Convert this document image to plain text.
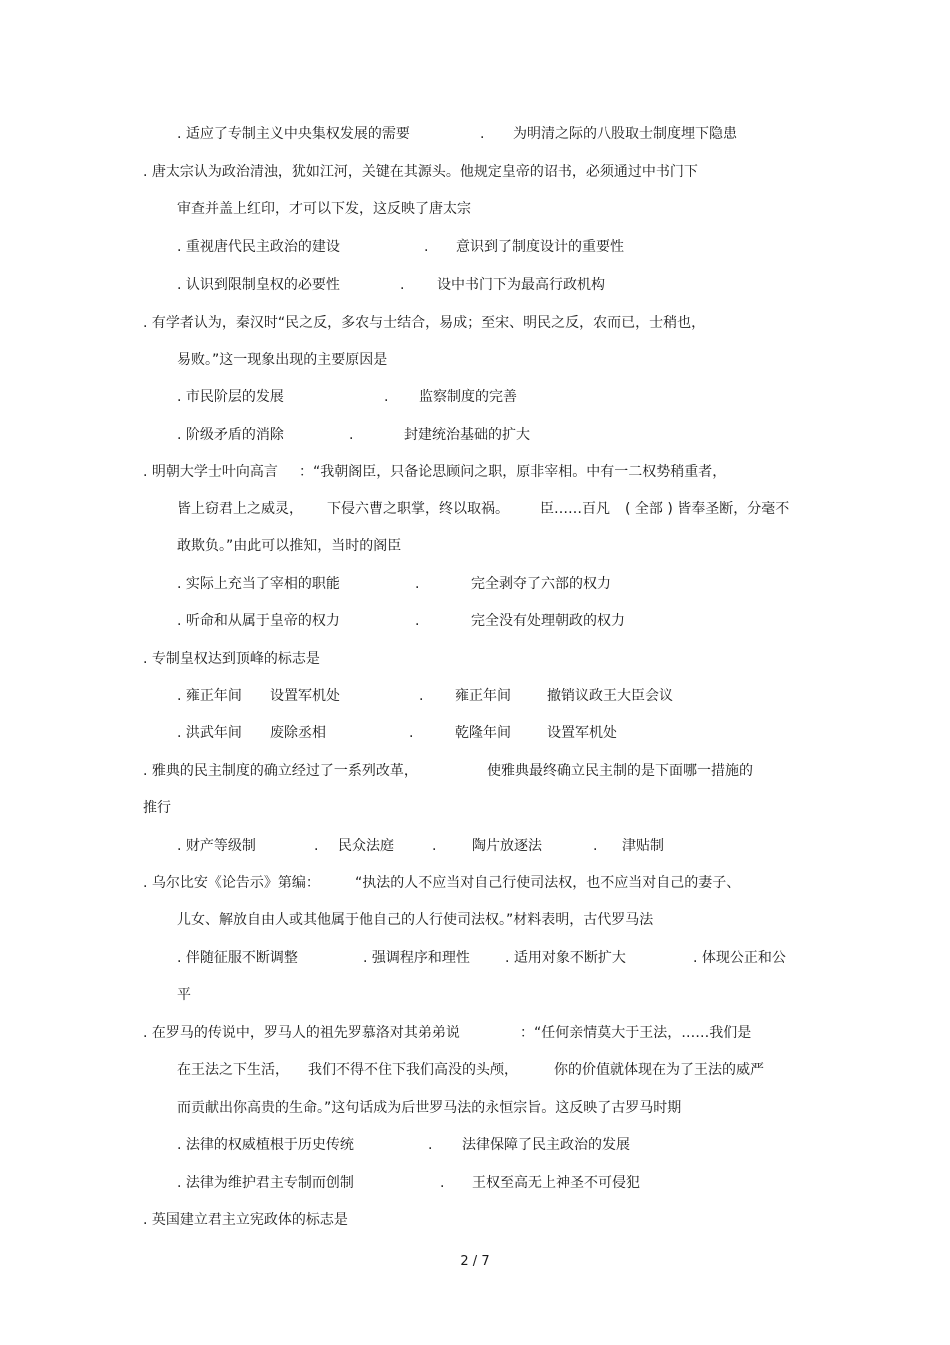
. 适应了专制主义中央集权发展的需要	. 为明清之际的八股取士制度埋下隐患
. 唐太宗认为政治清浊，犹如江河，关键在其源头。他规定皇帝的诏书，必须通过中书门下
审查并盖上红印，才可以下发，这反映了唐太宗
. 重视唐代民主政治的建设	. 意识到了制度设计的重要性
. 认识到限制皇权的必要性	. 设中书门下为最高行政机构
. 有学者认为，秦汉时“民之反，多农与士结合，易成；至宋、明民之反，农而已，士稍也，
易败。”这一现象出现的主要原因是
. 市民阶层的发展	. 监察制度的完善
. 阶级矛盾的消除	.	封建统治基础的扩大
. 明朝大学士叶向高言 ：“我朝阁臣，只备论思顾问之职，原非宰相。中有一二权势稍重者，
皆上窃君上之威灵， 下侵六曹之职掌，终以取祸。 臣……百凡 ( 全部 ) 皆奉圣断，分毫不
敢欺负。”由此可以推知，当时的阁臣
. 实际上充当了宰相的职能	.	完全剥夺了六部的权力
. 听命和从属于皇帝的权力	.	完全没有处理朝政的权力
. 专制皇权达到顶峰的标志是
. 雍正年间 设置军机处	. 雍正年间	撤销议政王大臣会议
. 洪武年间 废除丞相	.	乾隆年间	设置军机处
. 雅典的民主制度的确立经过了一系列改革，	使雅典最终确立民主制的是下面哪一措施的
推行
. 财产等级制	. 民众法庭	.	陶片放逐法	. 津贴制
. 乌尔比安《论告示》第编：	“执法的人不应当对自己行使司法权，也不应当对自己的妻子、
儿女、解放自由人或其他属于他自己的人行使司法权。”材料表明，古代罗马法
. 伴随征服不断调整	. 强调程序和理性	. 适用对象不断扩大	. 体现公正和公
平
. 在罗马的传说中，罗马人的祖先罗慕洛对其弟弟说	：“任何亲情莫大于王法，……我们是
在王法之下生活， 我们不得不住下我们高没的头颅，	你的价值就体现在为了王法的威严
而贡献出你高贵的生命。”这句话成为后世罗马法的永恒宗旨。这反映了古罗马时期
. 法律的权威植根于历史传统	. 法律保障了民主政治的发展
. 法律为维护君主专制而创制	. 王权至高无上神圣不可侵犯
. 英国建立君主立宪政体的标志是
2 / 7
